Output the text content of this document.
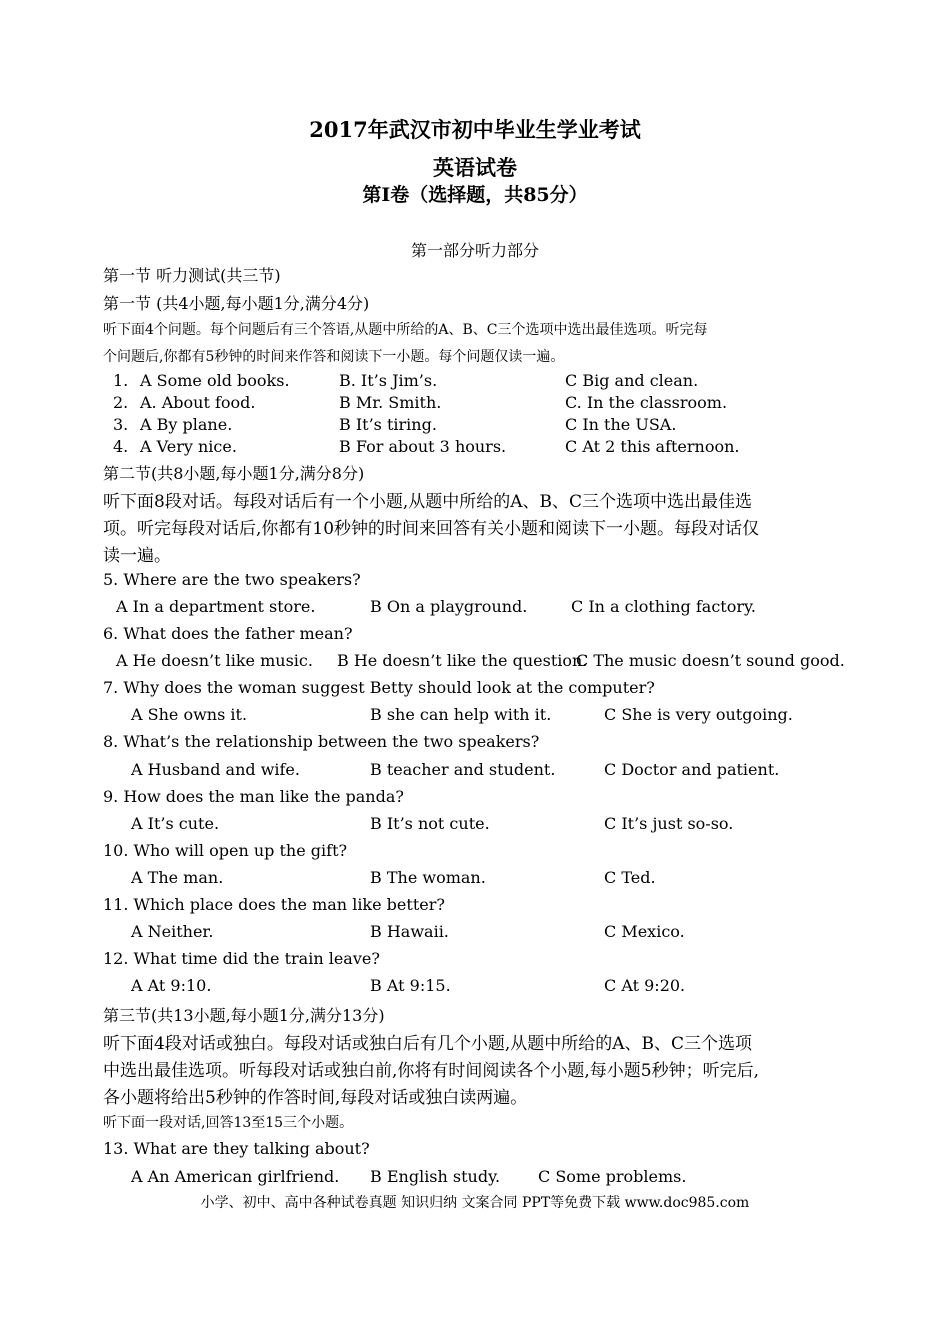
2017年武汉市初中毕业生学业考试
英语试卷
第Ⅰ卷（选择题，共85分）
第一部分听力部分
第一节 听力测试(共三节)
第一节 (共4小题,每小题1分,满分4分)
听下面4个问题。每个问题后有三个答语,从题中所给的A、B、C三个选项中选出最佳选项。听完每
个问题后,你都有5秒钟的时间来作答和阅读下一小题。每个问题仅读一遍。
1. A Some old books.	B. It’s Jim’s.	C Big and clean.
2. A. About food.	B Mr. Smith.	C. In the classroom.
3. A By plane.	B It’s tiring.	C In the USA.
4. A Very nice.	B For about 3 hours.	C At 2 this afternoon.
第二节(共8小题,每小题1分,满分8分)
听下面8段对话。每段对话后有一个小题,从题中所给的A、B、C三个选项中选出最佳选
项。听完每段对话后,你都有10秒钟的时间来回答有关小题和阅读下一小题。每段对话仅
读一遍。
5. Where are the two speakers?
A In a department store.	B On a playground.	C In a clothing factory.
6. What does the father mean?
A He doesn’t like music. B He doesn’t like the question.
C The music doesn’t sound good.
7. Why does the woman suggest Betty should look at the computer?
A She owns it.	B she can help with it.	C She is very outgoing.
8. What’s the relationship between the two speakers?
A Husband and wife.	B teacher and student.	C Doctor and patient.
9. How does the man like the panda?
A It’s cute.	B It’s not cute.	C It’s just so-so.
10. Who will open up the gift?
A The man.	B The woman.	C Ted.
11. Which place does the man like better?
A Neither.	B Hawaii.	C Mexico.
12. What time did the train leave?
A At 9:10.	B At 9:15.	C At 9:20.
第三节(共13小题,每小题1分,满分13分)
听下面4段对话或独白。每段对话或独白后有几个小题,从题中所给的A、B、C三个选项
中选出最佳选项。听每段对话或独白前,你将有时间阅读各个小题,每小题5秒钟；听完后,
各小题将给出5秒钟的作答时间,每段对话或独白读两遍。
听下面一段对话,回答13至15三个小题。
13. What are they talking about?
A An American girlfriend. B English study. C Some problems.
小学、初中、高中各种试卷真题 知识归纳 文案合同 PPT等免费下载 www.doc985.com
